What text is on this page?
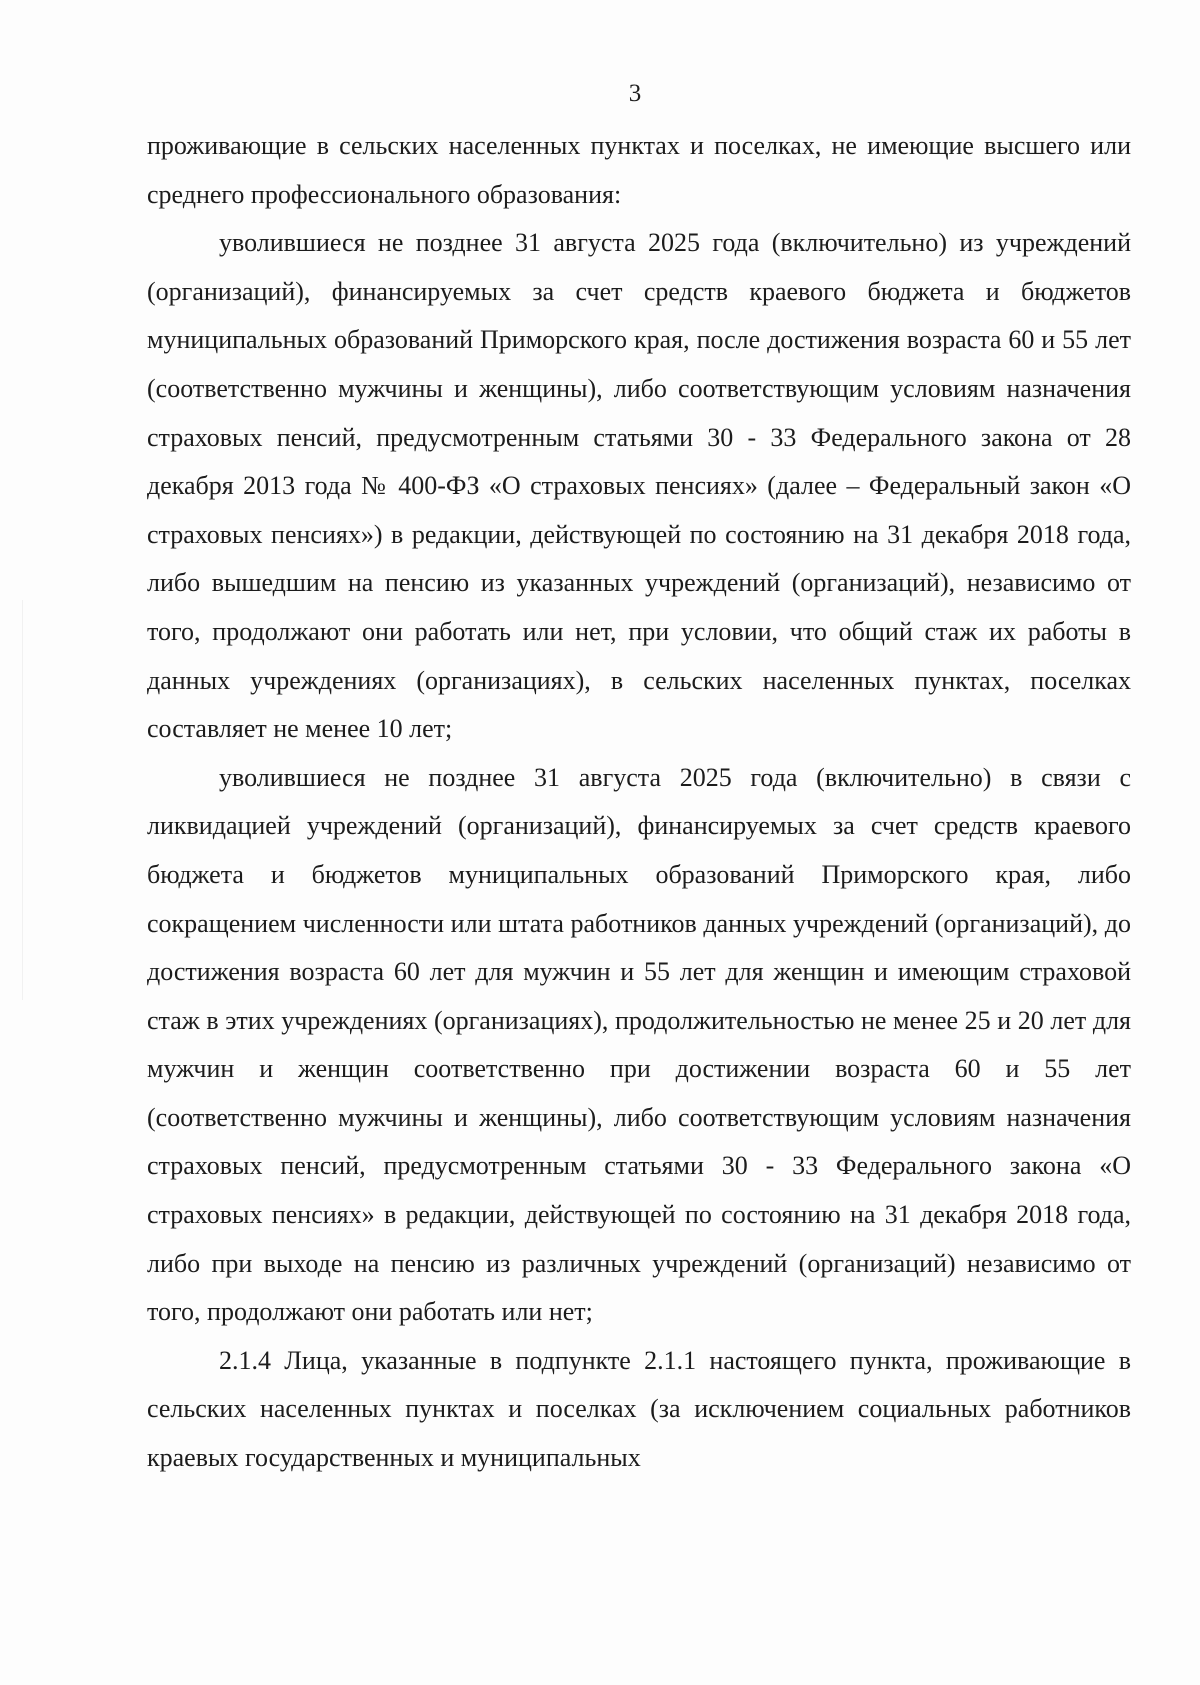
3

проживающие в сельских населенных пунктах и поселках, не имеющие высшего или среднего профессионального образования:

уволившиеся не позднее 31 августа 2025 года (включительно) из учреждений (организаций), финансируемых за счет средств краевого бюджета и бюджетов муниципальных образований Приморского края, после достижения возраста 60 и 55 лет (соответственно мужчины и женщины), либо соответствующим условиям назначения страховых пенсий, предусмотренным статьями 30 - 33 Федерального закона от 28 декабря 2013 года № 400-ФЗ «О страховых пенсиях» (далее – Федеральный закон «О страховых пенсиях») в редакции, действующей по состоянию на 31 декабря 2018 года, либо вышедшим на пенсию из указанных учреждений (организаций), независимо от того, продолжают они работать или нет, при условии, что общий стаж их работы в данных учреждениях (организациях), в сельских населенных пунктах, поселках составляет не менее 10 лет;

уволившиеся не позднее 31 августа 2025 года (включительно) в связи с ликвидацией учреждений (организаций), финансируемых за счет средств краевого бюджета и бюджетов муниципальных образований Приморского края, либо сокращением численности или штата работников данных учреждений (организаций), до достижения возраста 60 лет для мужчин и 55 лет для женщин и имеющим страховой стаж в этих учреждениях (организациях), продолжительностью не менее 25 и 20 лет для мужчин и женщин соответственно при достижении возраста 60 и 55 лет (соответственно мужчины и женщины), либо соответствующим условиям назначения страховых пенсий, предусмотренным статьями 30 - 33 Федерального закона «О страховых пенсиях» в редакции, действующей по состоянию на 31 декабря 2018 года, либо при выходе на пенсию из различных учреждений (организаций) независимо от того, продолжают они работать или нет;

2.1.4 Лица, указанные в подпункте 2.1.1 настоящего пункта, проживающие в сельских населенных пунктах и поселках (за исключением социальных работников краевых государственных и муниципальных
